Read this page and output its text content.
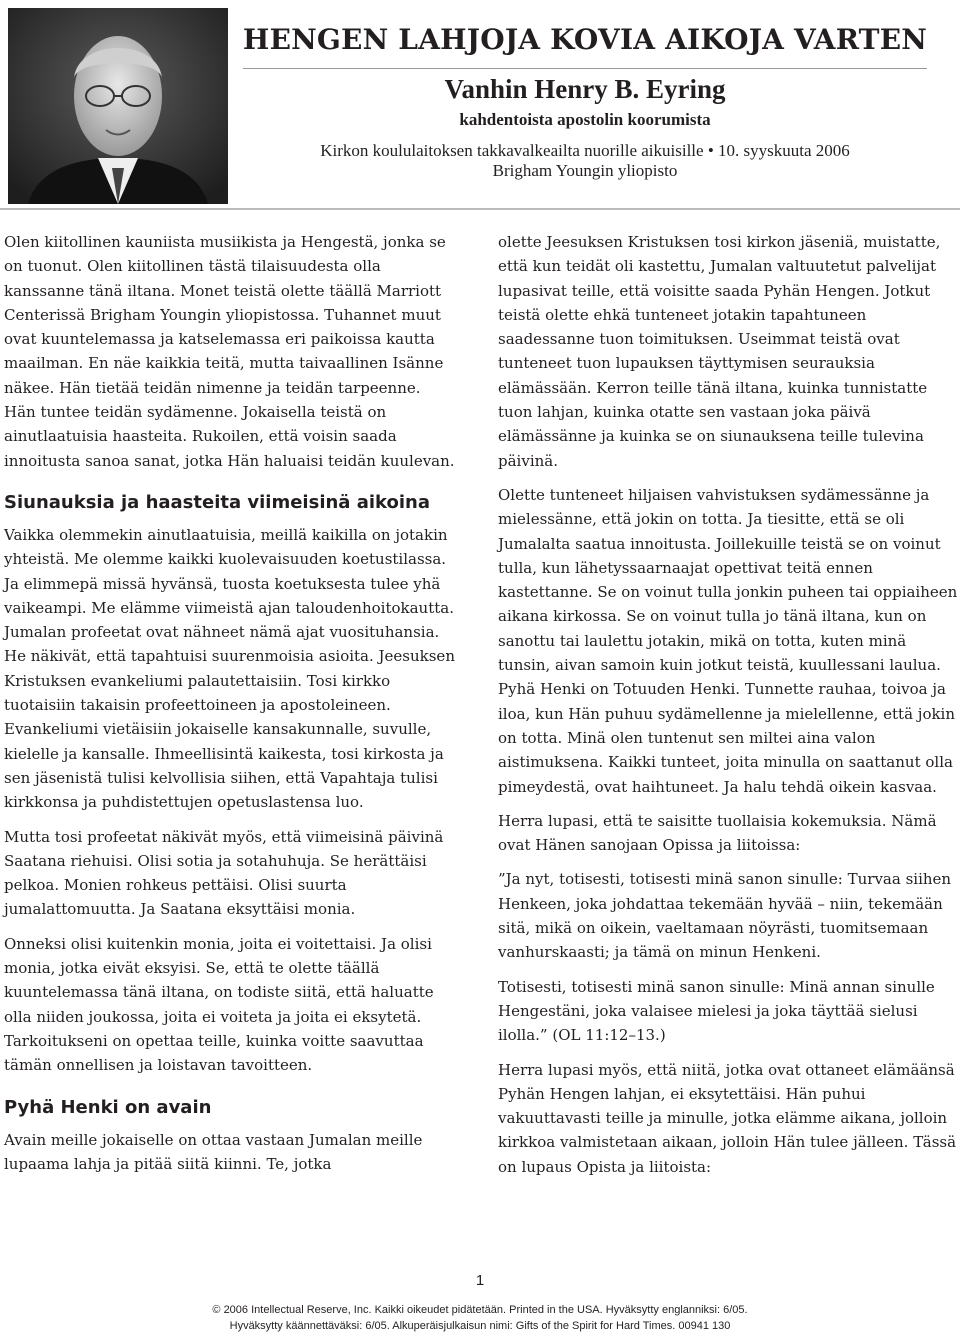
HENGEN LAHJOJA KOVIA AIKOJA VARTEN
Vanhin Henry B. Eyring
kahdentoista apostolin koorumista
Kirkon koululaitoksen takkavalkeailta nuorille aikuisille • 10. syyskuuta 2006
Brigham Youngin yliopisto

Olen kiitollinen kauniista musiikista ja Hengestä, jonka se on tuonut. Olen kiitollinen tästä tilaisuudesta olla kanssanne tänä iltana. Monet teistä olette täällä Marriott Centerissä Brigham Youngin yliopistossa. Tuhannet muut ovat kuuntelemassa ja katselemassa eri paikoissa kautta maailman. En näe kaikkia teitä, mutta taivaallinen Isänne näkee. Hän tietää teidän nimenne ja teidän tarpeenne. Hän tuntee teidän sydämenne. Jokaisella teistä on ainutlaatuisia haasteita. Rukoilen, että voisin saada innoitusta sanoa sanat, jotka Hän haluaisi teidän kuulevan.

Siunauksia ja haasteita viimeisinä aikoina

Vaikka olemmekin ainutlaatuisia, meillä kaikilla on jotakin yhteistä. Me olemme kaikki kuolevaisuuden koetustilassa. Ja elimmepä missä hyvänsä, tuosta koetuksesta tulee yhä vaikeampi. Me elämme viimeistä ajan taloudenhoitokautta. Jumalan profeetat ovat nähneet nämä ajat vuosituhansia. He näkivät, että tapahtuisi suurenmoisia asioita. Jeesuksen Kristuksen evankeliumi palautettaisiin. Tosi kirkko tuotaisiin takaisin profeettoineen ja apostoleineen. Evankeliumi vietäisiin jokaiselle kansakunnalle, suvulle, kielelle ja kansalle. Ihmeellisintä kaikesta, tosi kirkosta ja sen jäsenistä tulisi kelvollisia siihen, että Vapahtaja tulisi kirkkonsa ja puhdistettujen opetuslastensa luo.

Mutta tosi profeetat näkivät myös, että viimeisinä päivinä Saatana riehuisi. Olisi sotia ja sotahuhuja. Se herättäisi pelkoa. Monien rohkeus pettäisi. Olisi suurta jumalattomuutta. Ja Saatana eksyttäisi monia.

Onneksi olisi kuitenkin monia, joita ei voitettaisi. Ja olisi monia, jotka eivät eksyisi. Se, että te olette täällä kuuntelemassa tänä iltana, on todiste siitä, että haluatte olla niiden joukossa, joita ei voiteta ja joita ei eksytetä. Tarkoitukseni on opettaa teille, kuinka voitte saavuttaa tämän onnellisen ja loistavan tavoitteen.

Pyhä Henki on avain

Avain meille jokaiselle on ottaa vastaan Jumalan meille lupaama lahja ja pitää siitä kiinni. Te, jotka

olette Jeesuksen Kristuksen tosi kirkon jäseniä, muistatte, että kun teidät oli kastettu, Jumalan valtuutetut palvelijat lupasivat teille, että voisitte saada Pyhän Hengen. Jotkut teistä olette ehkä tunteneet jotakin tapahtuneen saadessanne tuon toimituksen. Useimmat teistä ovat tunteneet tuon lupauksen täyttymisen seurauksia elämässään. Kerron teille tänä iltana, kuinka tunnistatte tuon lahjan, kuinka otatte sen vastaan joka päivä elämässänne ja kuinka se on siunauksena teille tulevina päivinä.

Olette tunteneet hiljaisen vahvistuksen sydämessänne ja mielessänne, että jokin on totta. Ja tiesitte, että se oli Jumalalta saatua innoitusta. Joillekuille teistä se on voinut tulla, kun lähetyssaarnaajat opettivat teitä ennen kastettanne. Se on voinut tulla jonkin puheen tai oppiaiheen aikana kirkossa. Se on voinut tulla jo tänä iltana, kun on sanottu tai laulettu jotakin, mikä on totta, kuten minä tunsin, aivan samoin kuin jotkut teistä, kuullessani laulua. Pyhä Henki on Totuuden Henki. Tunnette rauhaa, toivoa ja iloa, kun Hän puhuu sydämellenne ja mielellenne, että jokin on totta. Minä olen tuntenut sen miltei aina valon aistimuksena. Kaikki tunteet, joita minulla on saattanut olla pimeydestä, ovat haihtuneet. Ja halu tehdä oikein kasvaa.

Herra lupasi, että te saisitte tuollaisia kokemuksia. Nämä ovat Hänen sanojaan Opissa ja liitoissa:

”Ja nyt, totisesti, totisesti minä sanon sinulle: Turvaa siihen Henkeen, joka johdattaa tekemään hyvää – niin, tekemään sitä, mikä on oikein, vaeltamaan nöyrästi, tuomitsemaan vanhurskaasti; ja tämä on minun Henkeni.

Totisesti, totisesti minä sanon sinulle: Minä annan sinulle Hengestäni, joka valaisee mielesi ja joka täyttää sielusi ilolla.” (OL 11:12–13.)

Herra lupasi myös, että niitä, jotka ovat ottaneet elämäänsä Pyhän Hengen lahjan, ei eksytettäisi. Hän puhui vakuuttavasti teille ja minulle, jotka elämme aikana, jolloin kirkkoa valmistetaan aikaan, jolloin Hän tulee jälleen. Tässä on lupaus Opista ja liitoista:

1
© 2006 Intellectual Reserve, Inc. Kaikki oikeudet pidätetään. Printed in the USA. Hyväksytty englanniksi: 6/05.
Hyväksytty käännettäväksi: 6/05. Alkuperäisjulkaisun nimi: Gifts of the Spirit for Hard Times. 00941 130
